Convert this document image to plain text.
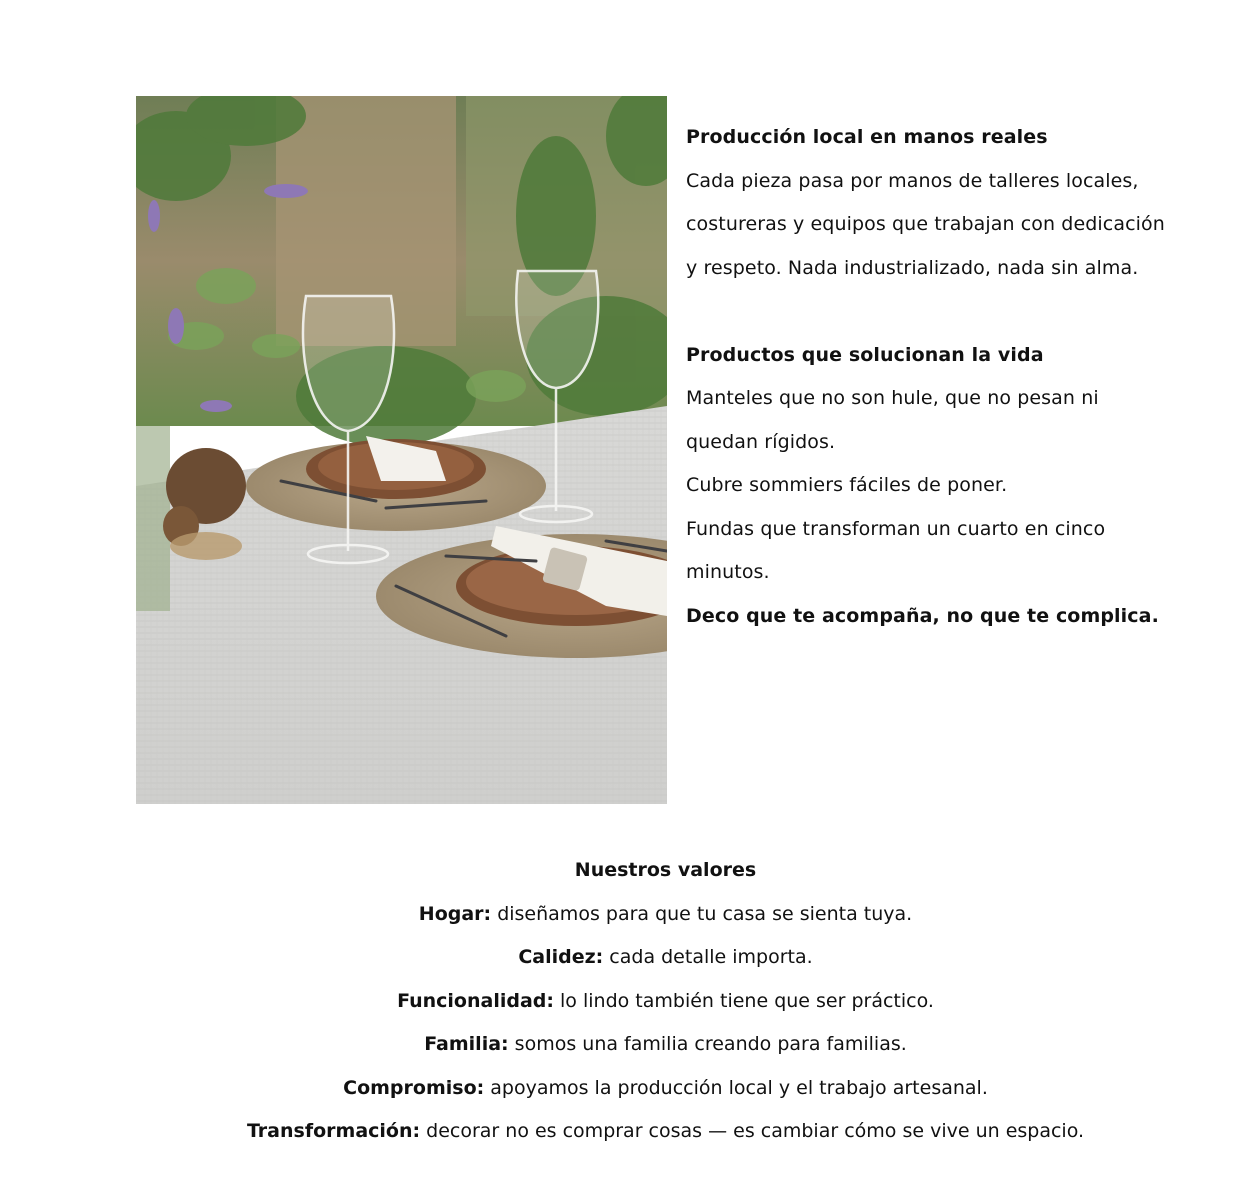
Producción local en manos reales

Cada pieza pasa por manos de talleres locales,

costureras y equipos que trabajan con dedicación

y respeto. Nada industrializado, nada sin alma.

Productos que solucionan la vida

Manteles que no son hule, que no pesan ni

quedan rígidos.

Cubre sommiers fáciles de poner.

Fundas que transforman un cuarto en cinco

minutos.

Deco que te acompaña, no que te complica.

Nuestros valores

Hogar: diseñamos para que tu casa se sienta tuya.

Calidez: cada detalle importa.

Funcionalidad: lo lindo también tiene que ser práctico.

Familia: somos una familia creando para familias.

Compromiso: apoyamos la producción local y el trabajo artesanal.

Transformación: decorar no es comprar cosas — es cambiar cómo se vive un espacio.
